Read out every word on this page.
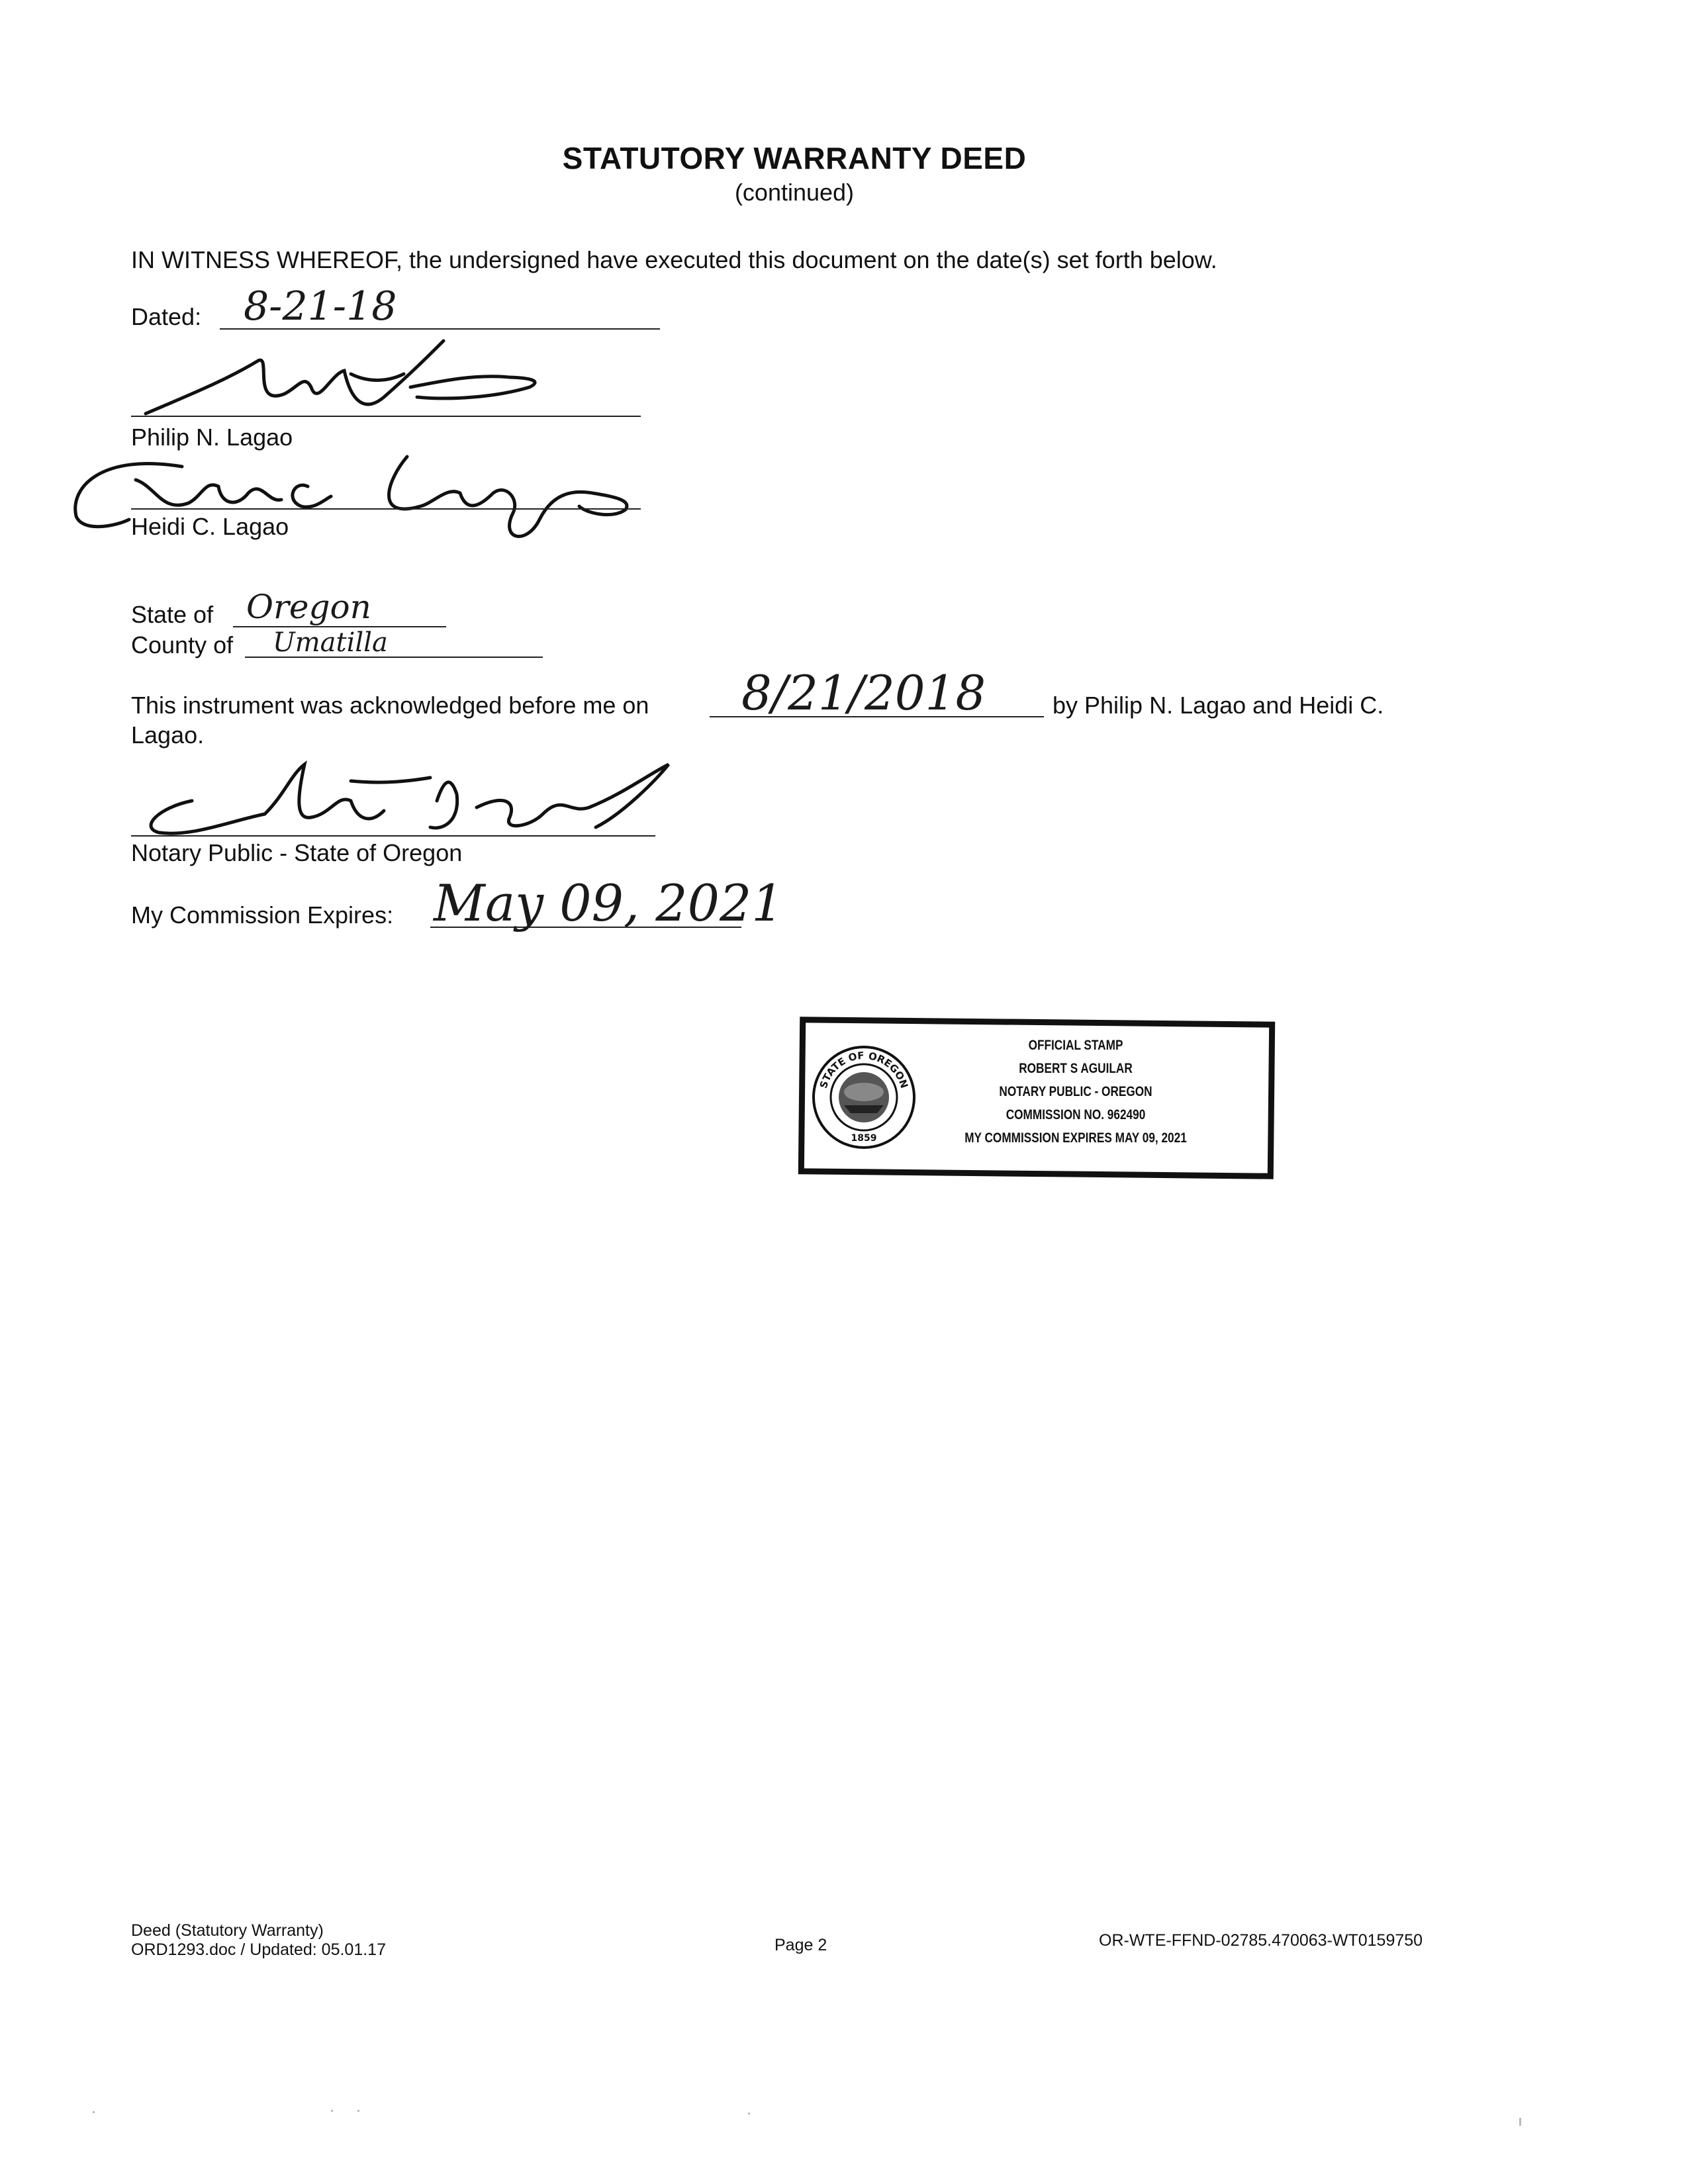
STATUTORY WARRANTY DEED
(continued)
IN WITNESS WHEREOF, the undersigned have executed this document on the date(s) set forth below.
Dated: 8-21-18
Philip N. Lagao
Heidi C. Lagao
State of Oregon
County of Umatilla
This instrument was acknowledged before me on 8/21/2018	by Philip N. Lagao and Heidi C.
Lagao.
Notary Public - State of Oregon
My Commission Expires: May 09, 2021
STATE OF OREGON
1859
OFFICIAL STAMP
ROBERT S AGUILAR
NOTARY PUBLIC - OREGON
COMMISSION NO. 962490
MY COMMISSION EXPIRES MAY 09, 2021
Deed (Statutory Warranty)
ORD1293.doc / Updated: 05.01.17	Page 2	OR-WTE-FFND-02785.470063-WT0159750
